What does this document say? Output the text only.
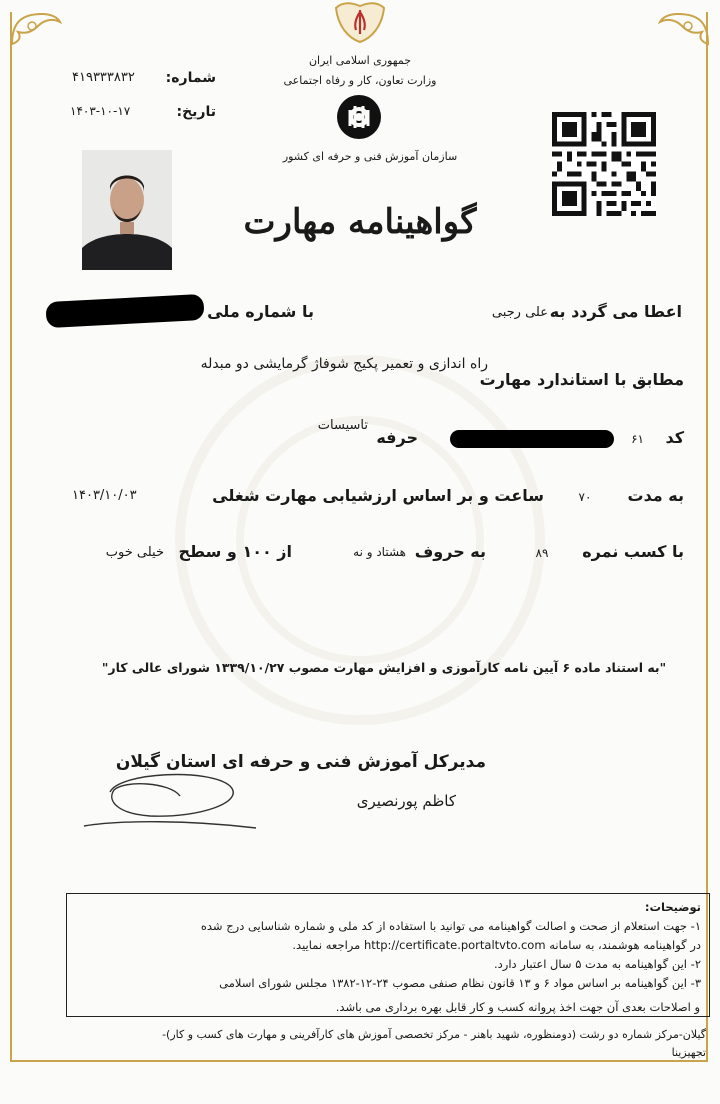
جمهوری اسلامی ایران
وزارت تعاون، کار و رفاه اجتماعی
سازمان آموزش فنی و حرفه ای کشور
شماره:
۴۱۹۳۳۳۸۳۲
تاریخ:
۱۴۰۳-۱۰-۱۷
گواهینامه مهارت
اعطا می گردد به
علی رجبی
با شماره ملی
مطابق با استاندارد مهارت
راه اندازی و تعمیر پکیج شوفاژ گرمایشی دو مبدله
کد
۶۱
حرفه
تاسیسات
به مدت
۷۰
ساعت و بر اساس ارزشیابی مهارت شغلی
۱۴۰۳/۱۰/۰۳
با کسب نمره
۸۹
به حروف
هشتاد و نه
از ۱۰۰ و سطح
خیلی خوب
"به استناد ماده ۶ آیین نامه کارآموزی و افزایش مهارت مصوب ۱۳۳۹/۱۰/۲۷ شورای عالی کار"
مدیرکل آموزش فنی و حرفه ای استان گیلان
کاظم پورنصیری
توضیحات:
۱- جهت استعلام از صحت و اصالت گواهینامه می توانید با استفاده از کد ملی و شماره شناسایی درج شده
در گواهینامه هوشمند، به سامانه http://certificate.portaltvto.com مراجعه نمایید.
۲- این گواهینامه به مدت ۵ سال اعتبار دارد.
۳- این گواهینامه بر اساس مواد ۶ و ۱۳ قانون نظام صنفی مصوب ۲۴-۱۲-۱۳۸۲ مجلس شورای اسلامی
و اصلاحات بعدی آن جهت اخذ پروانه کسب و کار قابل بهره برداری می باشد.
گیلان-مرکز شماره دو رشت (دومنظوره، شهید باهنر - مرکز تخصصی آموزش های کارآفرینی و مهارت های کسب و کار)-
تجهیزینا
